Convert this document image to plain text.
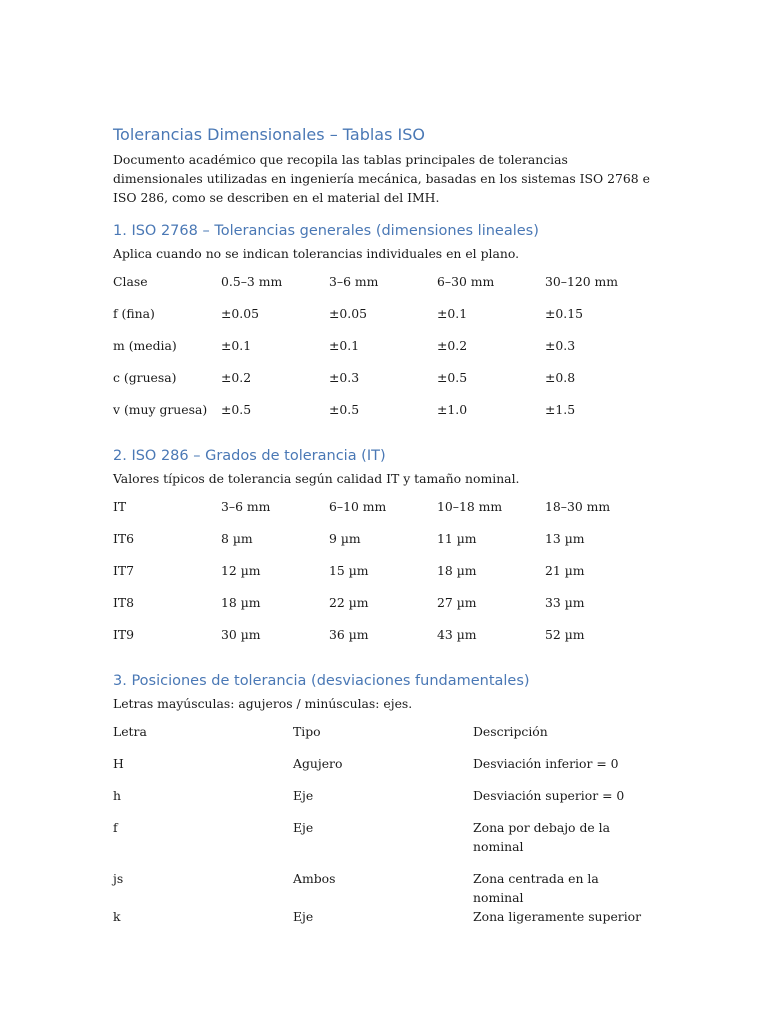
Tolerancias Dimensionales – Tablas ISO

Documento académico que recopila las tablas principales de tolerancias dimensionales utilizadas en ingeniería mecánica, basadas en los sistemas ISO 2768 e ISO 286, como se describen en el material del IMH.

1. ISO 2768 – Tolerancias generales (dimensiones lineales)

Aplica cuando no se indican tolerancias individuales en el plano.

Clase	0.5–3 mm	3–6 mm	6–30 mm	30–120 mm
f (fina)	±0.05	±0.05	±0.1	±0.15
m (media)	±0.1	±0.1	±0.2	±0.3
c (gruesa)	±0.2	±0.3	±0.5	±0.8
v (muy gruesa)	±0.5	±0.5	±1.0	±1.5
2. ISO 286 – Grados de tolerancia (IT)

Valores típicos de tolerancia según calidad IT y tamaño nominal.

IT	3–6 mm	6–10 mm	10–18 mm	18–30 mm
IT6	8 µm	9 µm	11 µm	13 µm
IT7	12 µm	15 µm	18 µm	21 µm
IT8	18 µm	22 µm	27 µm	33 µm
IT9	30 µm	36 µm	43 µm	52 µm
3. Posiciones de tolerancia (desviaciones fundamentales)

Letras mayúsculas: agujeros / minúsculas: ejes.

Letra	Tipo	Descripción
H	Agujero	Desviación inferior = 0
h	Eje	Desviación superior = 0
f	Eje	Zona por debajo de la nominal
js	Ambos	Zona centrada en la nominal
k	Eje	Zona ligeramente superior
